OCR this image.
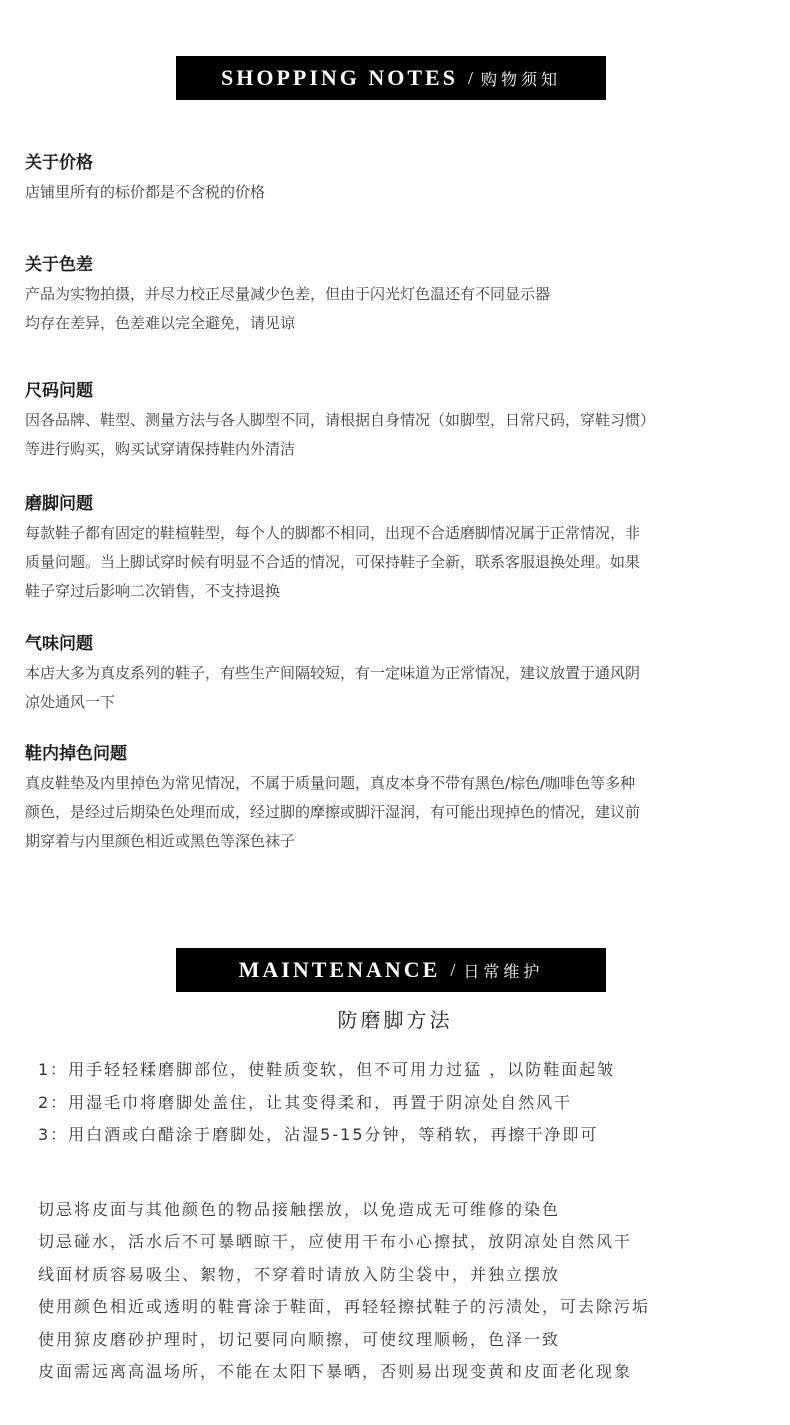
SHOPPING NOTES / 购物须知
关于价格
店铺里所有的标价都是不含税的价格
关于色差
产品为实物拍摄，并尽力校正尽量减少色差，但由于闪光灯色温还有不同显示器
均存在差异，色差难以完全避免，请见谅
尺码问题
因各品牌、鞋型、测量方法与各人脚型不同，请根据自身情况（如脚型，日常尺码，穿鞋习惯）
等进行购买，购买试穿请保持鞋内外清洁
磨脚问题
每款鞋子都有固定的鞋楦鞋型，每个人的脚都不相同，出现不合适磨脚情况属于正常情况，非
质量问题。当上脚试穿时候有明显不合适的情况，可保持鞋子全新，联系客服退换处理。如果
鞋子穿过后影响二次销售，不支持退换
气味问题
本店大多为真皮系列的鞋子，有些生产间隔较短，有一定味道为正常情况，建议放置于通风阴
凉处通风一下
鞋内掉色问题
真皮鞋垫及内里掉色为常见情况，不属于质量问题，真皮本身不带有黑色/棕色/咖啡色等多种
颜色，是经过后期染色处理而成，经过脚的摩擦或脚汗湿润，有可能出现掉色的情况，建议前
期穿着与内里颜色相近或黑色等深色袜子
MAINTENANCE / 日常维护
防磨脚方法
1：用手轻轻糅磨脚部位，使鞋质变软，但不可用力过猛 ，以防鞋面起皱
2：用湿毛巾将磨脚处盖住，让其变得柔和，再置于阴凉处自然风干
3：用白酒或白醋涂于磨脚处，沾湿5-15分钟，等稍软，再擦干净即可
切忌将皮面与其他颜色的物品接触摆放，以免造成无可维修的染色
切忌碰水，活水后不可暴晒晾干，应使用干布小心擦拭，放阴凉处自然风干
线面材质容易吸尘、絮物，不穿着时请放入防尘袋中，并独立摆放
使用颜色相近或透明的鞋膏涂于鞋面，再轻轻擦拭鞋子的污渍处，可去除污垢
使用猄皮磨砂护理时，切记要同向顺擦，可使纹理顺畅，色泽一致
皮面需远离高温场所，不能在太阳下暴晒，否则易出现变黄和皮面老化现象
